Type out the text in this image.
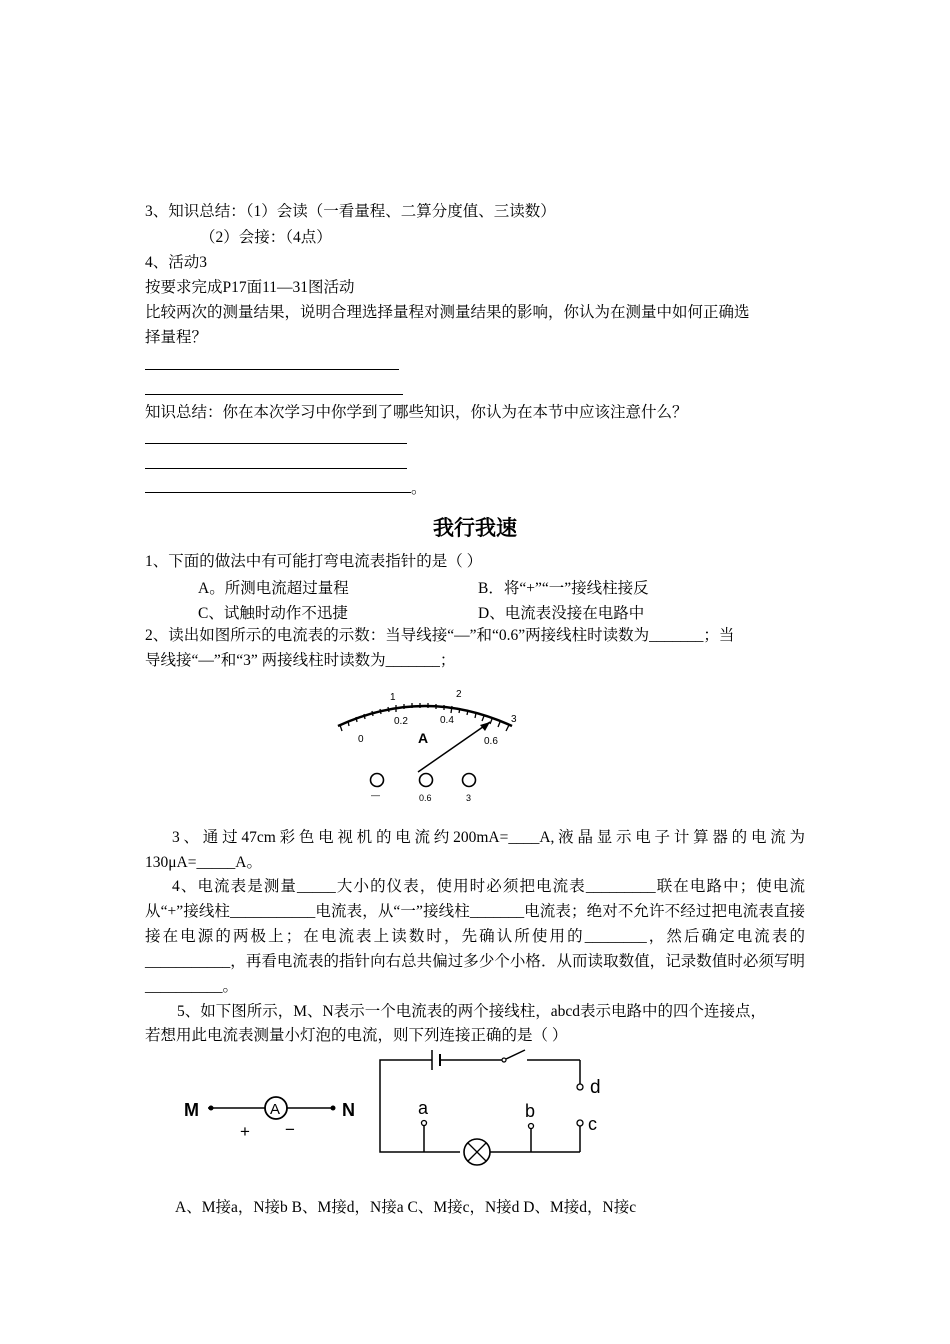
3、知识总结：（1）会读（一看量程、二算分度值、三读数）
（2）会接：（4点）
4、活动3
按要求完成P17面11—31图活动
比较两次的测量结果，说明合理选择量程对测量结果的影响，你认为在测量中如何正确选
择量程？
知识总结：你在本次学习中你学到了哪些知识，你认为在本节中应该注意什么？
。
我行我速
1、下面的做法中有可能打弯电流表指针的是（ ）
A。所测电流超过量程	B．将“+”“一”接线柱接反
C、试触时动作不迅捷	D、电流表没接在电路中
2、读出如图所示的电流表的示数：当导线接“—”和“0.6”两接线柱时读数为_______；当
导线接“—”和“3” 两接线柱时读数为_______；
1	2
3
0
0.2	0.4
0.6
A
—	0.6	3
3、通过47cm彩色电视机的电流约200mA=____A,液晶显示电子计算器的电流为130μA=_____A。
4、电流表是测量_____大小的仪表，使用时必须把电流表_________联在电路中；使电流从“+”接线柱___________电流表，从“一”接线柱_______电流表；绝对不允许不经过把电流表直接接在电源的两极上；在电流表上读数时，先确认所使用的________，然后确定电流表的___________，再看电流表的指针向右总共偏过多少个小格．从而读取数值，记录数值时必须写明__________。
5、如下图所示，M、N表示一个电流表的两个接线柱，abcd表示电路中的四个连接点，
若想用此电流表测量小灯泡的电流，则下列连接正确的是（ ）
M	A	N
+ −
d
c
a	b
A、M接a，N接b B、M接d，N接a C、M接c，N接d D、M接d，N接c
